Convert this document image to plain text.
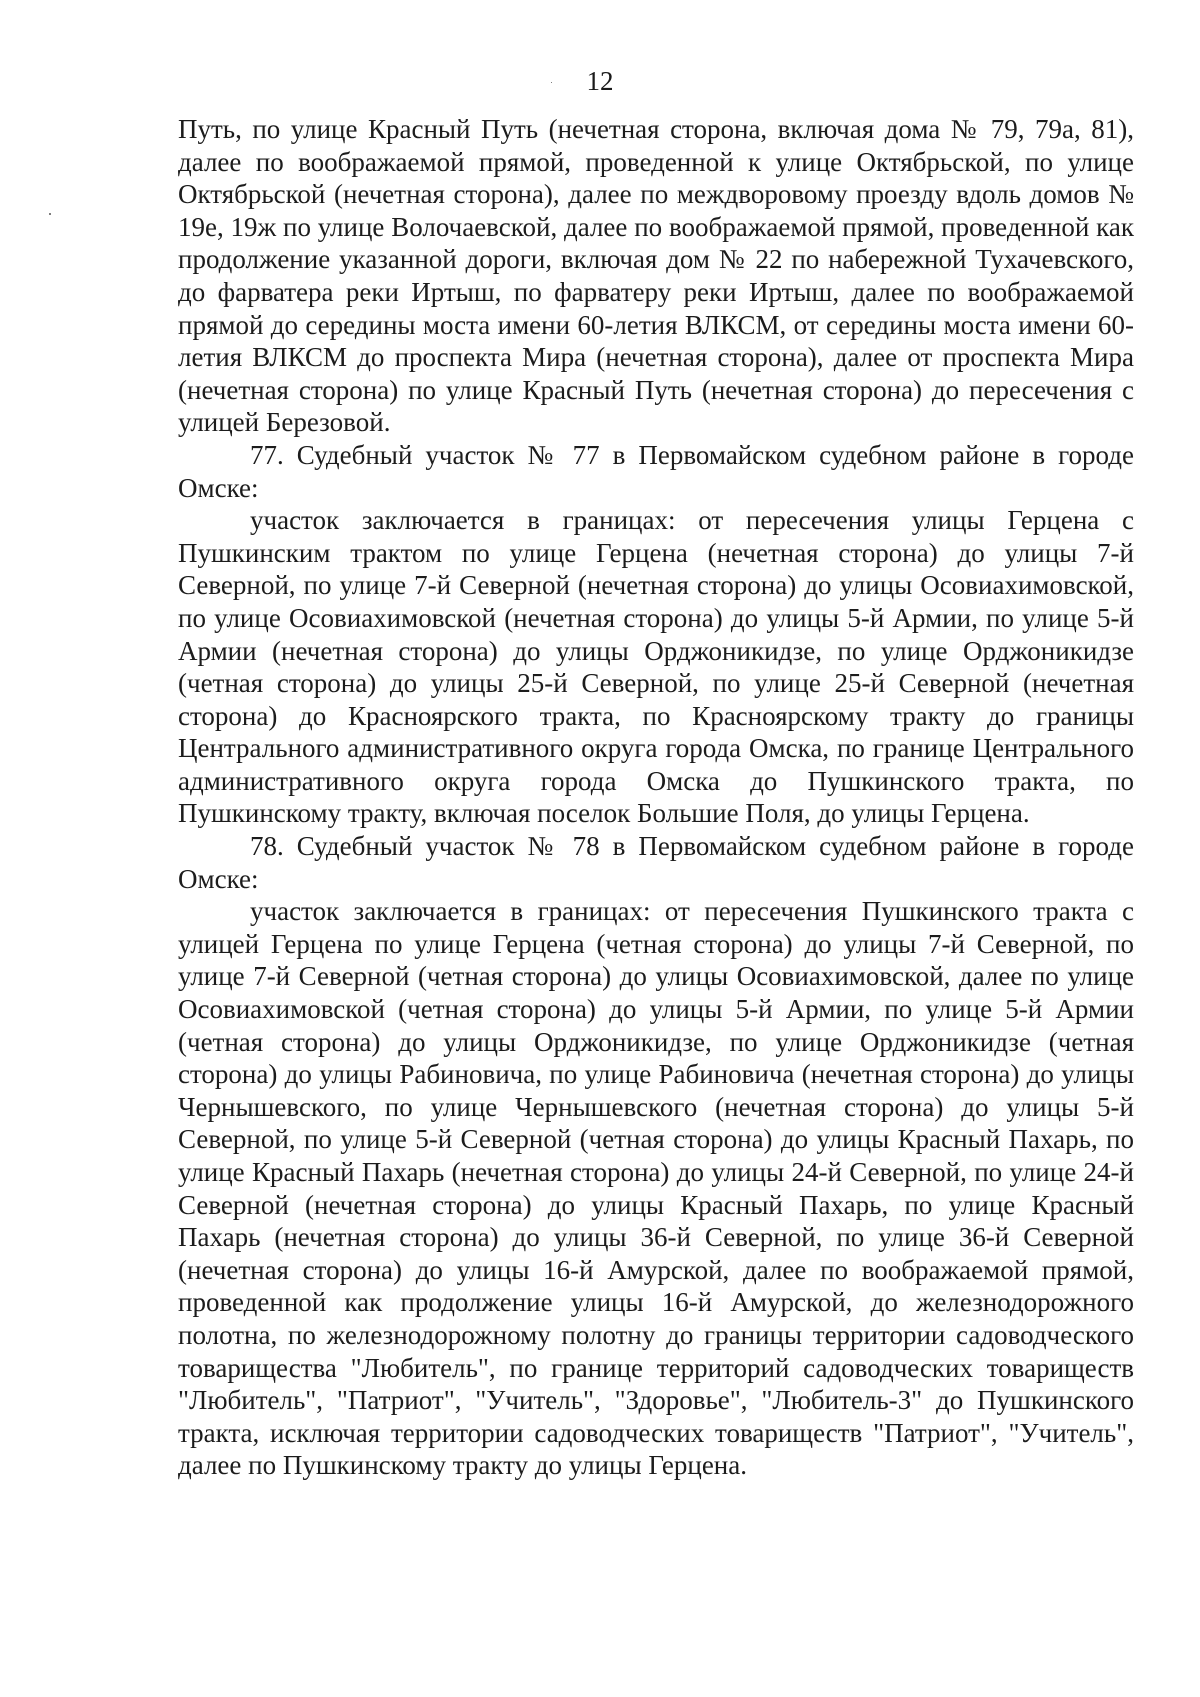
12

Путь, по улице Красный Путь (нечетная сторона, включая дома № 79, 79а, 81), далее по воображаемой прямой, проведенной к улице Октябрьской, по улице Октябрьской (нечетная сторона), далее по междворовому проезду вдоль домов № 19е, 19ж по улице Волочаевской, далее по воображаемой прямой, проведенной как продолжение указанной дороги, включая дом № 22 по набережной Тухачевского, до фарватера реки Иртыш, по фарватеру реки Иртыш, далее по воображаемой прямой до середины моста имени 60-летия ВЛКСМ, от середины моста имени 60-летия ВЛКСМ до проспекта Мира (нечетная сторона), далее от проспекта Мира (нечетная сторона) по улице Красный Путь (нечетная сторона) до пересечения с улицей Березовой.

77. Судебный участок № 77 в Первомайском судебном районе в городе Омске:

участок заключается в границах: от пересечения улицы Герцена с Пушкинским трактом по улице Герцена (нечетная сторона) до улицы 7-й Северной, по улице 7-й Северной (нечетная сторона) до улицы Осовиахимовской, по улице Осовиахимовской (нечетная сторона) до улицы 5-й Армии, по улице 5-й Армии (нечетная сторона) до улицы Орджоникидзе, по улице Орджоникидзе (четная сторона) до улицы 25-й Северной, по улице 25-й Северной (нечетная сторона) до Красноярского тракта, по Красноярскому тракту до границы Центрального административного округа города Омска, по границе Центрального административного округа города Омска до Пушкинского тракта, по Пушкинскому тракту, включая поселок Большие Поля, до улицы Герцена.

78. Судебный участок № 78 в Первомайском судебном районе в городе Омске:

участок заключается в границах: от пересечения Пушкинского тракта с улицей Герцена по улице Герцена (четная сторона) до улицы 7-й Северной, по улице 7-й Северной (четная сторона) до улицы Осовиахимовской, далее по улице Осовиахимовской (четная сторона) до улицы 5-й Армии, по улице 5-й Армии (четная сторона) до улицы Орджоникидзе, по улице Орджоникидзе (четная сторона) до улицы Рабиновича, по улице Рабиновича (нечетная сторона) до улицы Чернышевского, по улице Чернышевского (нечетная сторона) до улицы 5-й Северной, по улице 5-й Северной (четная сторона) до улицы Красный Пахарь, по улице Красный Пахарь (нечетная сторона) до улицы 24-й Северной, по улице 24-й Северной (нечетная сторона) до улицы Красный Пахарь, по улице Красный Пахарь (нечетная сторона) до улицы 36-й Северной, по улице 36-й Северной (нечетная сторона) до улицы 16-й Амурской, далее по воображаемой прямой, проведенной как продолжение улицы 16-й Амурской, до железнодорожного полотна, по железнодорожному полотну до границы территории садоводческого товарищества "Любитель", по границе территорий садоводческих товариществ "Любитель", "Патриот", "Учитель", "Здоровье", "Любитель-3" до Пушкинского тракта, исключая территории садоводческих товариществ "Патриот", "Учитель", далее по Пушкинскому тракту до улицы Герцена.
